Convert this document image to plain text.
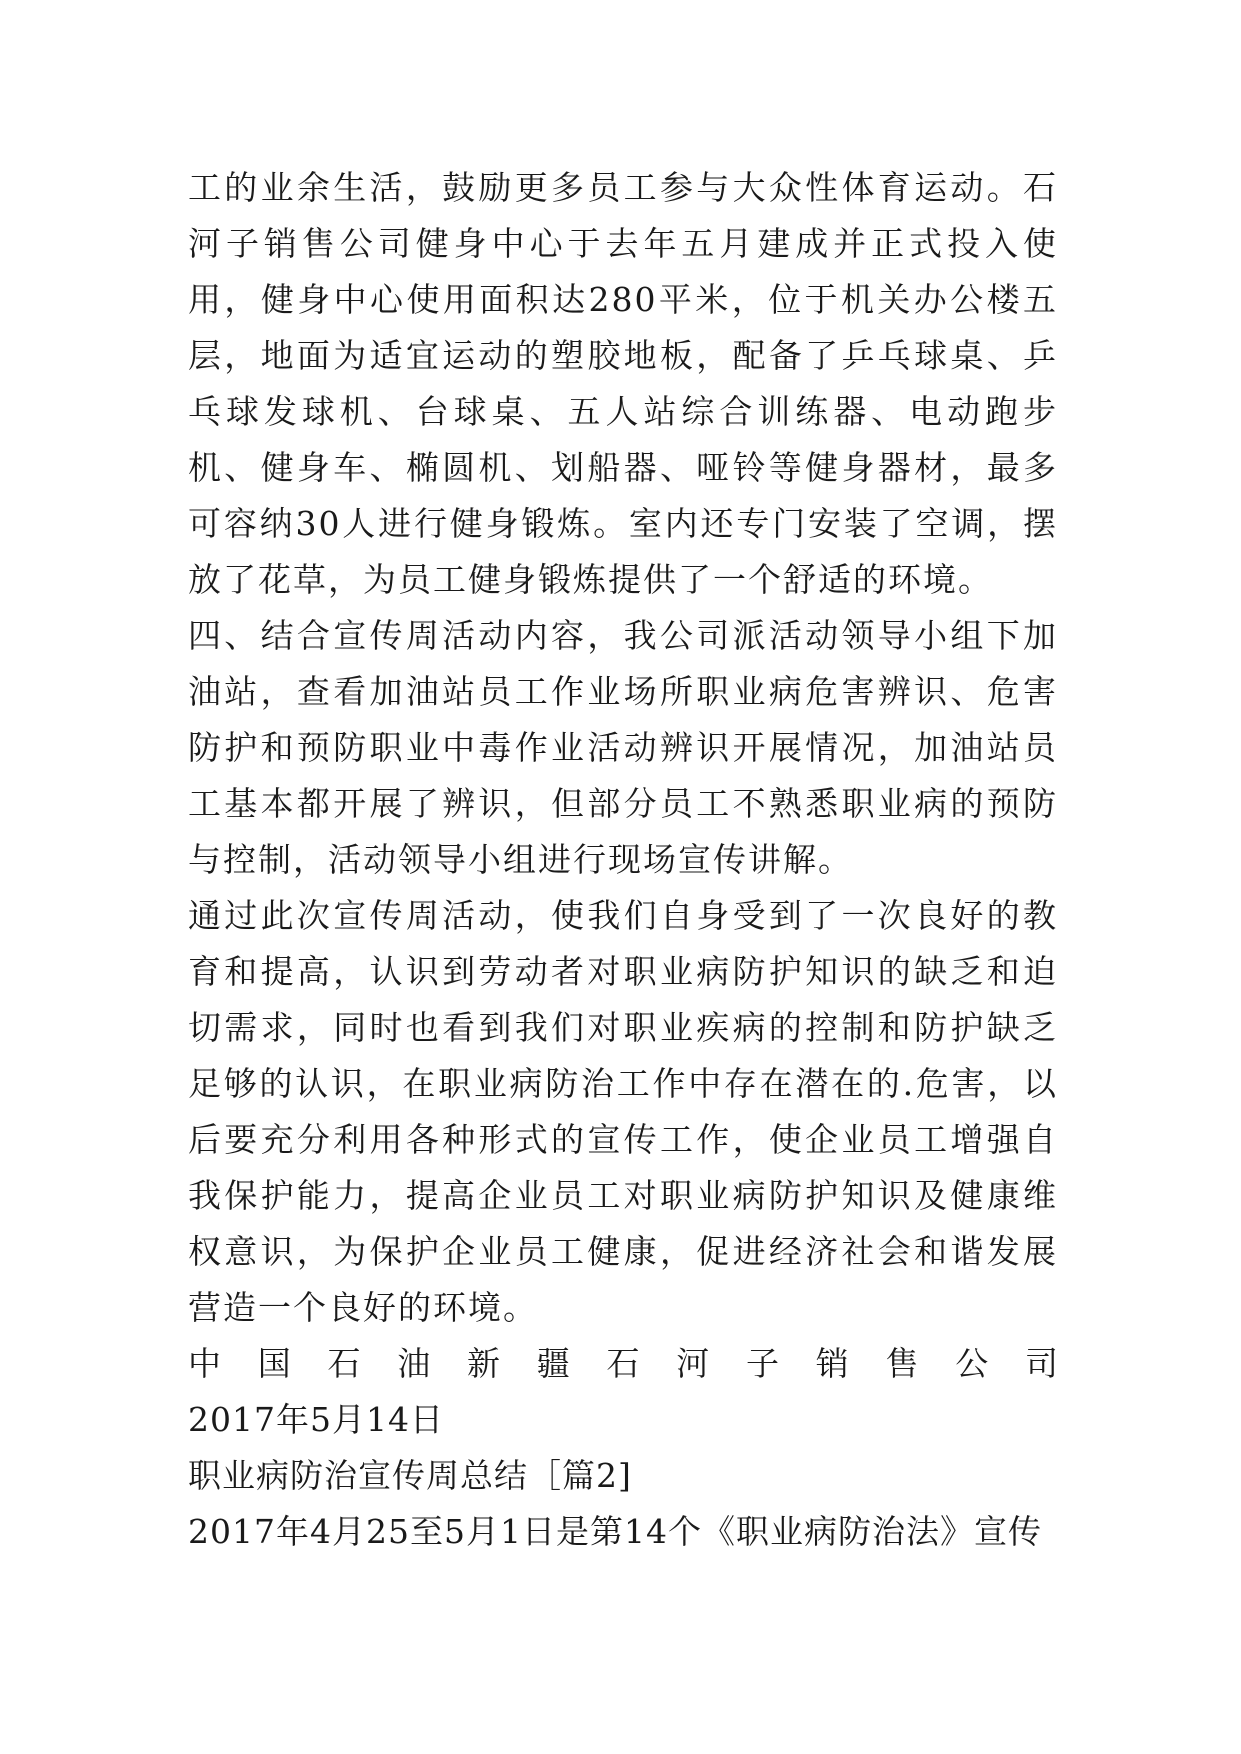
工的业余生活，鼓励更多员工参与大众性体育运动。石河子销售公司健身中心于去年五月建成并正式投入使用，健身中心使用面积达280平米，位于机关办公楼五层，地面为适宜运动的塑胶地板，配备了乒乓球桌、乒乓球发球机、台球桌、五人站综合训练器、电动跑步机、健身车、椭圆机、划船器、哑铃等健身器材，最多可容纳30人进行健身锻炼。室内还专门安装了空调，摆放了花草，为员工健身锻炼提供了一个舒适的环境。

四、结合宣传周活动内容，我公司派活动领导小组下加油站，查看加油站员工作业场所职业病危害辨识、危害防护和预防职业中毒作业活动辨识开展情况，加油站员工基本都开展了辨识，但部分员工不熟悉职业病的预防与控制，活动领导小组进行现场宣传讲解。

通过此次宣传周活动，使我们自身受到了一次良好的教育和提高，认识到劳动者对职业病防护知识的缺乏和迫切需求，同时也看到我们对职业疾病的控制和防护缺乏足够的认识，在职业病防治工作中存在潜在的.危害，以后要充分利用各种形式的宣传工作，使企业员工增强自我保护能力，提高企业员工对职业病防护知识及健康维权意识，为保护企业员工健康，促进经济社会和谐发展营造一个良好的环境。

中 国 石 油 新 疆 石 河 子 销 售 公 司

2017年5月14日

职业病防治宣传周总结［篇2]

2017年4月25至5月1日是第14个《职业病防治法》宣传
